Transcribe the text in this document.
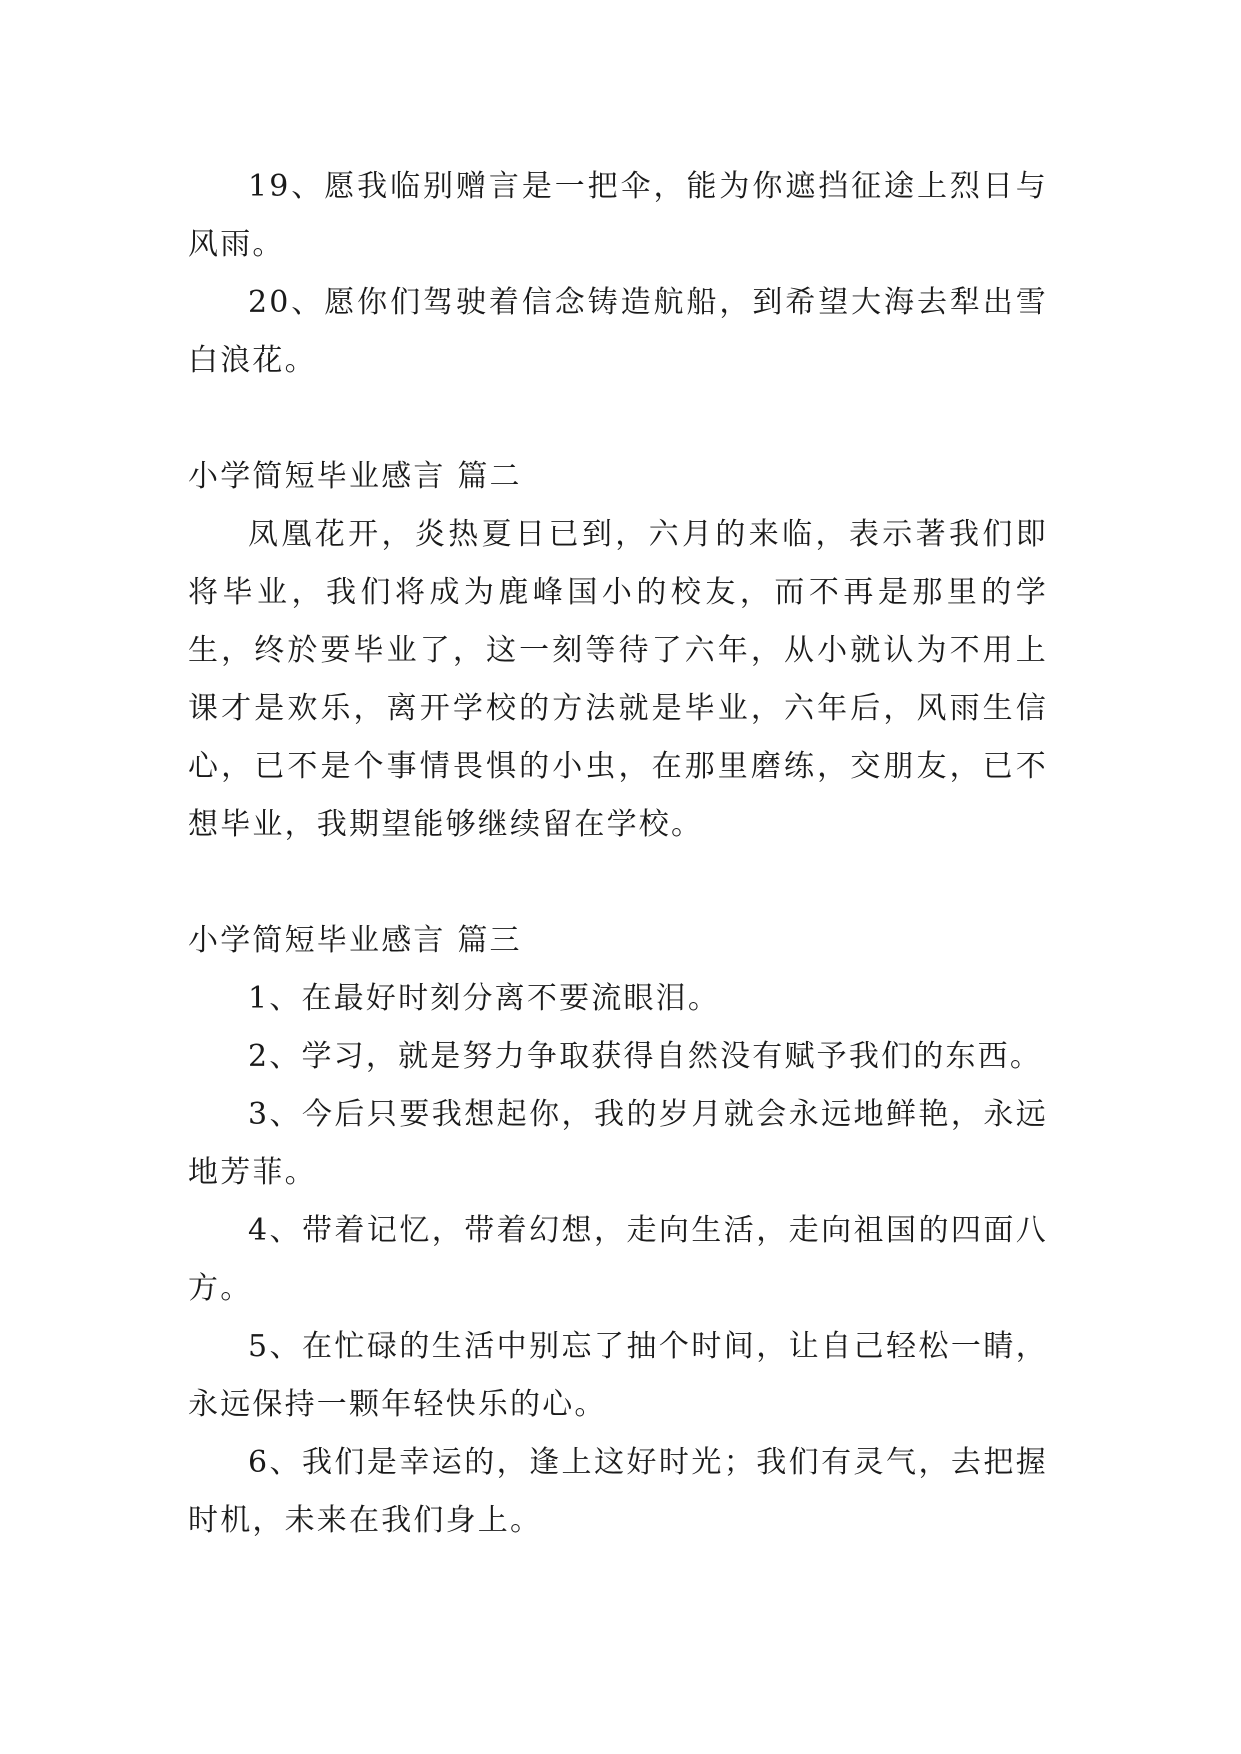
19、愿我临别赠言是一把伞，能为你遮挡征途上烈日与风雨。

20、愿你们驾驶着信念铸造航船，到希望大海去犁出雪白浪花。

小学简短毕业感言 篇二

凤凰花开，炎热夏日已到，六月的来临，表示著我们即将毕业，我们将成为鹿峰国小的校友，而不再是那里的学生，终於要毕业了，这一刻等待了六年，从小就认为不用上课才是欢乐，离开学校的方法就是毕业，六年后，风雨生信心，已不是个事情畏惧的小虫，在那里磨练，交朋友，已不想毕业，我期望能够继续留在学校。

小学简短毕业感言 篇三

1、在最好时刻分离不要流眼泪。

2、学习，就是努力争取获得自然没有赋予我们的东西。

3、今后只要我想起你，我的岁月就会永远地鲜艳，永远地芳菲。

4、带着记忆，带着幻想，走向生活，走向祖国的四面八方。

5、在忙碌的生活中别忘了抽个时间，让自己轻松一睛，永远保持一颗年轻快乐的心。

6、我们是幸运的，逢上这好时光；我们有灵气，去把握时机，未来在我们身上。
